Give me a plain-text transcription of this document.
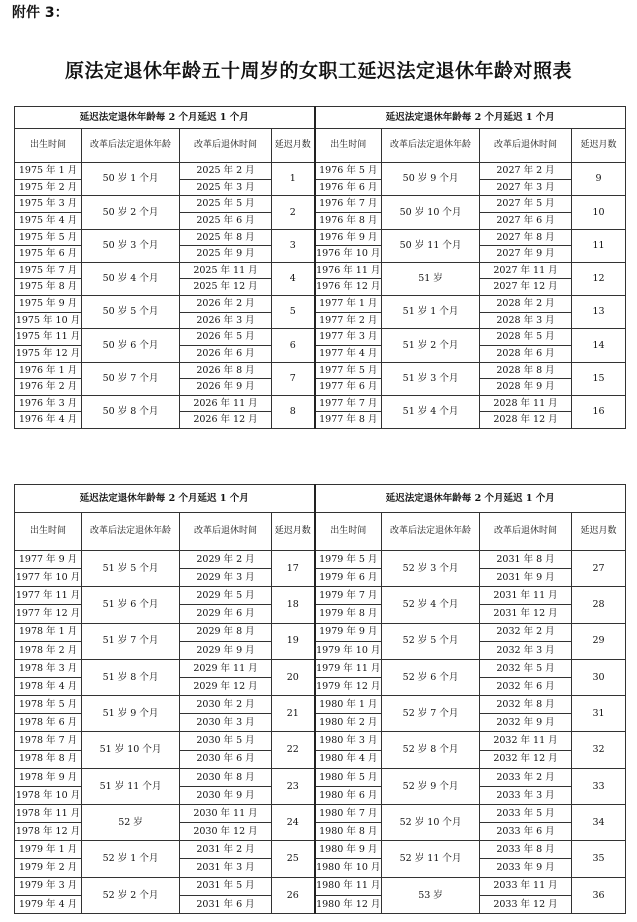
附件 3：
原法定退休年龄五十周岁的女职工延迟法定退休年龄对照表
延迟法定退休年龄每 2 个月延迟 1 个月				延迟法定退休年龄每 2 个月延迟 1 个月			
出生时间	改革后法定退休年龄	改革后退休时间	延迟月数	出生时间	改革后法定退休年龄	改革后退休时间	延迟月数
1975 年 1 月	50 岁 1 个月	2025 年 2 月	1	1976 年 5 月	50 岁 9 个月	2027 年 2 月	9
1975 年 2 月		2025 年 3 月		1976 年 6 月		2027 年 3 月	
1975 年 3 月	50 岁 2 个月	2025 年 5 月	2	1976 年 7 月	50 岁 10 个月	2027 年 5 月	10
1975 年 4 月		2025 年 6 月		1976 年 8 月		2027 年 6 月	
1975 年 5 月	50 岁 3 个月	2025 年 8 月	3	1976 年 9 月	50 岁 11 个月	2027 年 8 月	11
1975 年 6 月		2025 年 9 月		1976 年 10 月		2027 年 9 月	
1975 年 7 月	50 岁 4 个月	2025 年 11 月	4	1976 年 11 月	51 岁	2027 年 11 月	12
1975 年 8 月		2025 年 12 月		1976 年 12 月		2027 年 12 月	
1975 年 9 月	50 岁 5 个月	2026 年 2 月	5	1977 年 1 月	51 岁 1 个月	2028 年 2 月	13
1975 年 10 月		2026 年 3 月		1977 年 2 月		2028 年 3 月	
1975 年 11 月	50 岁 6 个月	2026 年 5 月	6	1977 年 3 月	51 岁 2 个月	2028 年 5 月	14
1975 年 12 月		2026 年 6 月		1977 年 4 月		2028 年 6 月	
1976 年 1 月	50 岁 7 个月	2026 年 8 月	7	1977 年 5 月	51 岁 3 个月	2028 年 8 月	15
1976 年 2 月		2026 年 9 月		1977 年 6 月		2028 年 9 月	
1976 年 3 月	50 岁 8 个月	2026 年 11 月	8	1977 年 7 月	51 岁 4 个月	2028 年 11 月	16
1976 年 4 月		2026 年 12 月		1977 年 8 月		2028 年 12 月	
延迟法定退休年龄每 2 个月延迟 1 个月				延迟法定退休年龄每 2 个月延迟 1 个月			
出生时间	改革后法定退休年龄	改革后退休时间	延迟月数	出生时间	改革后法定退休年龄	改革后退休时间	延迟月数
1977 年 9 月	51 岁 5 个月	2029 年 2 月	17	1979 年 5 月	52 岁 3 个月	2031 年 8 月	27
1977 年 10 月		2029 年 3 月		1979 年 6 月		2031 年 9 月	
1977 年 11 月	51 岁 6 个月	2029 年 5 月	18	1979 年 7 月	52 岁 4 个月	2031 年 11 月	28
1977 年 12 月		2029 年 6 月		1979 年 8 月		2031 年 12 月	
1978 年 1 月	51 岁 7 个月	2029 年 8 月	19	1979 年 9 月	52 岁 5 个月	2032 年 2 月	29
1978 年 2 月		2029 年 9 月		1979 年 10 月		2032 年 3 月	
1978 年 3 月	51 岁 8 个月	2029 年 11 月	20	1979 年 11 月	52 岁 6 个月	2032 年 5 月	30
1978 年 4 月		2029 年 12 月		1979 年 12 月		2032 年 6 月	
1978 年 5 月	51 岁 9 个月	2030 年 2 月	21	1980 年 1 月	52 岁 7 个月	2032 年 8 月	31
1978 年 6 月		2030 年 3 月		1980 年 2 月		2032 年 9 月	
1978 年 7 月	51 岁 10 个月	2030 年 5 月	22	1980 年 3 月	52 岁 8 个月	2032 年 11 月	32
1978 年 8 月		2030 年 6 月		1980 年 4 月		2032 年 12 月	
1978 年 9 月	51 岁 11 个月	2030 年 8 月	23	1980 年 5 月	52 岁 9 个月	2033 年 2 月	33
1978 年 10 月		2030 年 9 月		1980 年 6 月		2033 年 3 月	
1978 年 11 月	52 岁	2030 年 11 月	24	1980 年 7 月	52 岁 10 个月	2033 年 5 月	34
1978 年 12 月		2030 年 12 月		1980 年 8 月		2033 年 6 月	
1979 年 1 月	52 岁 1 个月	2031 年 2 月	25	1980 年 9 月	52 岁 11 个月	2033 年 8 月	35
1979 年 2 月		2031 年 3 月		1980 年 10 月		2033 年 9 月	
1979 年 3 月	52 岁 2 个月	2031 年 5 月	26	1980 年 11 月	53 岁	2033 年 11 月	36
1979 年 4 月		2031 年 6 月		1980 年 12 月		2033 年 12 月	
